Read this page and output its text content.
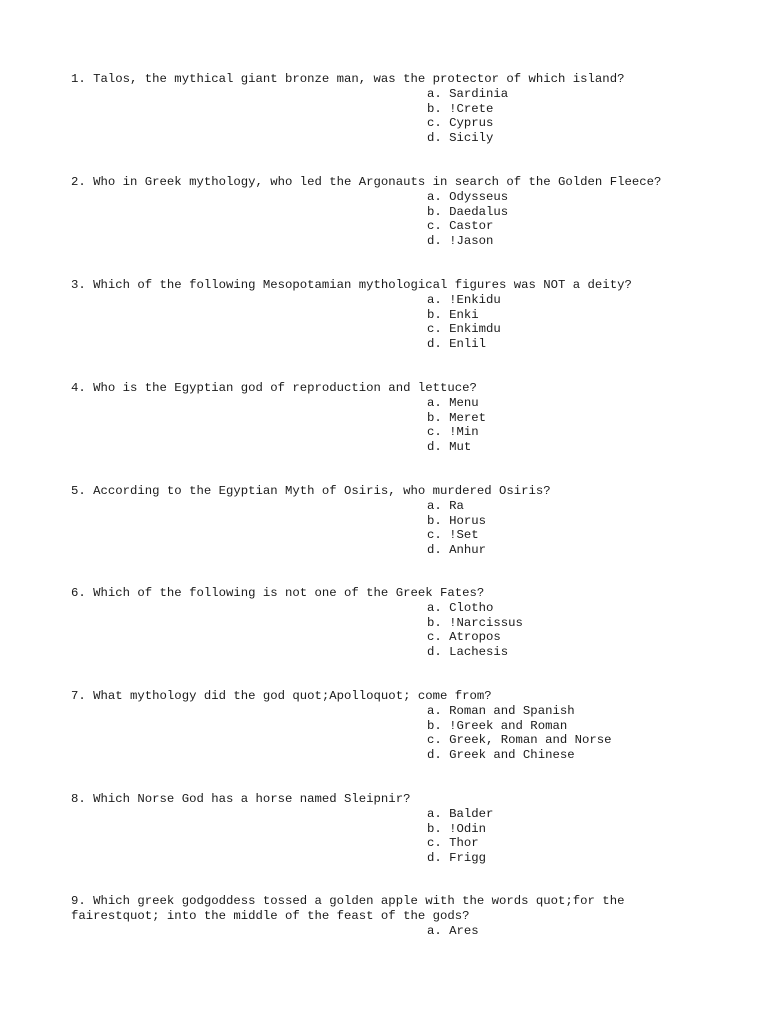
1. Talos, the mythical giant bronze man, was the protector of which island?

a. Sardinia
b. !Crete
c. Cyprus
d. Sicily

2. Who in Greek mythology, who led the Argonauts in search of the Golden Fleece?

a. Odysseus
b. Daedalus
c. Castor
d. !Jason

3. Which of the following Mesopotamian mythological figures was NOT a deity?

a. !Enkidu
b. Enki
c. Enkimdu
d. Enlil

4. Who is the Egyptian god of reproduction and lettuce?

a. Menu
b. Meret
c. !Min
d. Mut

5. According to the Egyptian Myth of Osiris, who murdered Osiris?

a. Ra
b. Horus
c. !Set
d. Anhur

6. Which of the following is not one of the Greek Fates?

a. Clotho
b. !Narcissus
c. Atropos
d. Lachesis

7. What mythology did the god quot;Apolloquot; come from?

a. Roman and Spanish
b. !Greek and Roman
c. Greek, Roman and Norse
d. Greek and Chinese

8. Which Norse God has a horse named Sleipnir?

a. Balder
b. !Odin
c. Thor
d. Frigg

9. Which greek godgoddess tossed a golden apple with the words quot;for the
fairestquot; into the middle of the feast of the gods?

a. Ares
